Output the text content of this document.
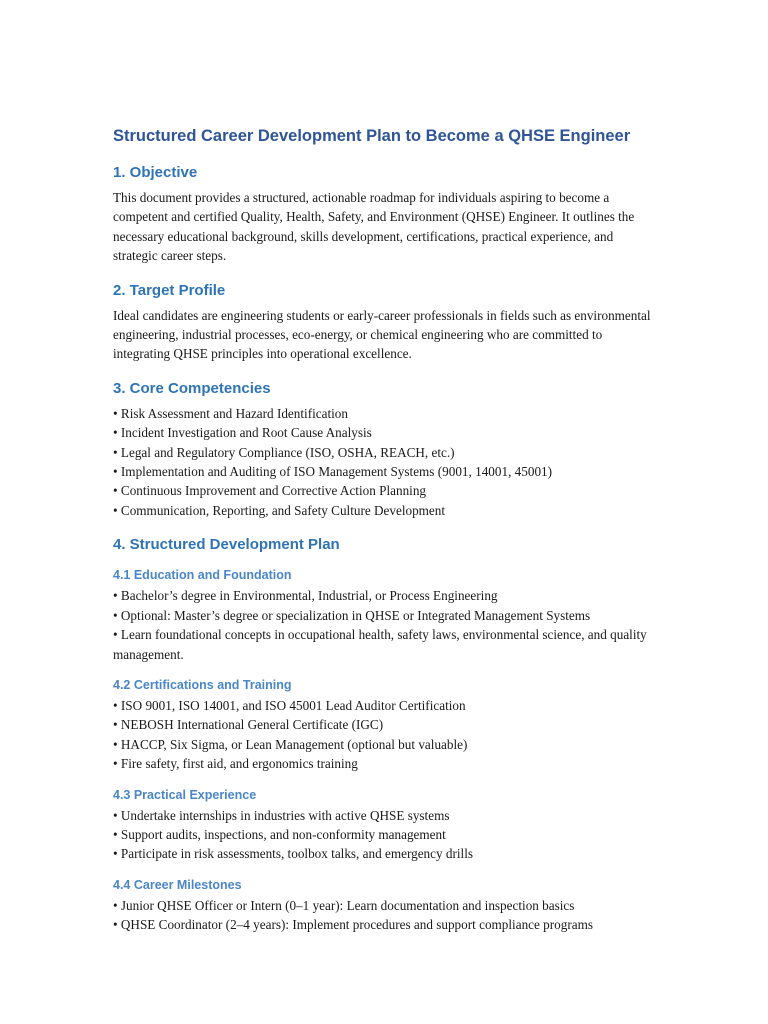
Structured Career Development Plan to Become a QHSE Engineer
1. Objective

This document provides a structured, actionable roadmap for individuals aspiring to become a competent and certified Quality, Health, Safety, and Environment (QHSE) Engineer. It outlines the necessary educational background, skills development, certifications, practical experience, and strategic career steps.

2. Target Profile

Ideal candidates are engineering students or early-career professionals in fields such as environmental engineering, industrial processes, eco-energy, or chemical engineering who are committed to integrating QHSE principles into operational excellence.

3. Core Competencies
• Risk Assessment and Hazard Identification
• Incident Investigation and Root Cause Analysis
• Legal and Regulatory Compliance (ISO, OSHA, REACH, etc.)
• Implementation and Auditing of ISO Management Systems (9001, 14001, 45001)
• Continuous Improvement and Corrective Action Planning
• Communication, Reporting, and Safety Culture Development
4. Structured Development Plan
4.1 Education and Foundation
• Bachelor’s degree in Environmental, Industrial, or Process Engineering
• Optional: Master’s degree or specialization in QHSE or Integrated Management Systems
• Learn foundational concepts in occupational health, safety laws, environmental science, and quality management.
4.2 Certifications and Training
• ISO 9001, ISO 14001, and ISO 45001 Lead Auditor Certification
• NEBOSH International General Certificate (IGC)
• HACCP, Six Sigma, or Lean Management (optional but valuable)
• Fire safety, first aid, and ergonomics training
4.3 Practical Experience
• Undertake internships in industries with active QHSE systems
• Support audits, inspections, and non-conformity management
• Participate in risk assessments, toolbox talks, and emergency drills
4.4 Career Milestones
• Junior QHSE Officer or Intern (0–1 year): Learn documentation and inspection basics
• QHSE Coordinator (2–4 years): Implement procedures and support compliance programs
